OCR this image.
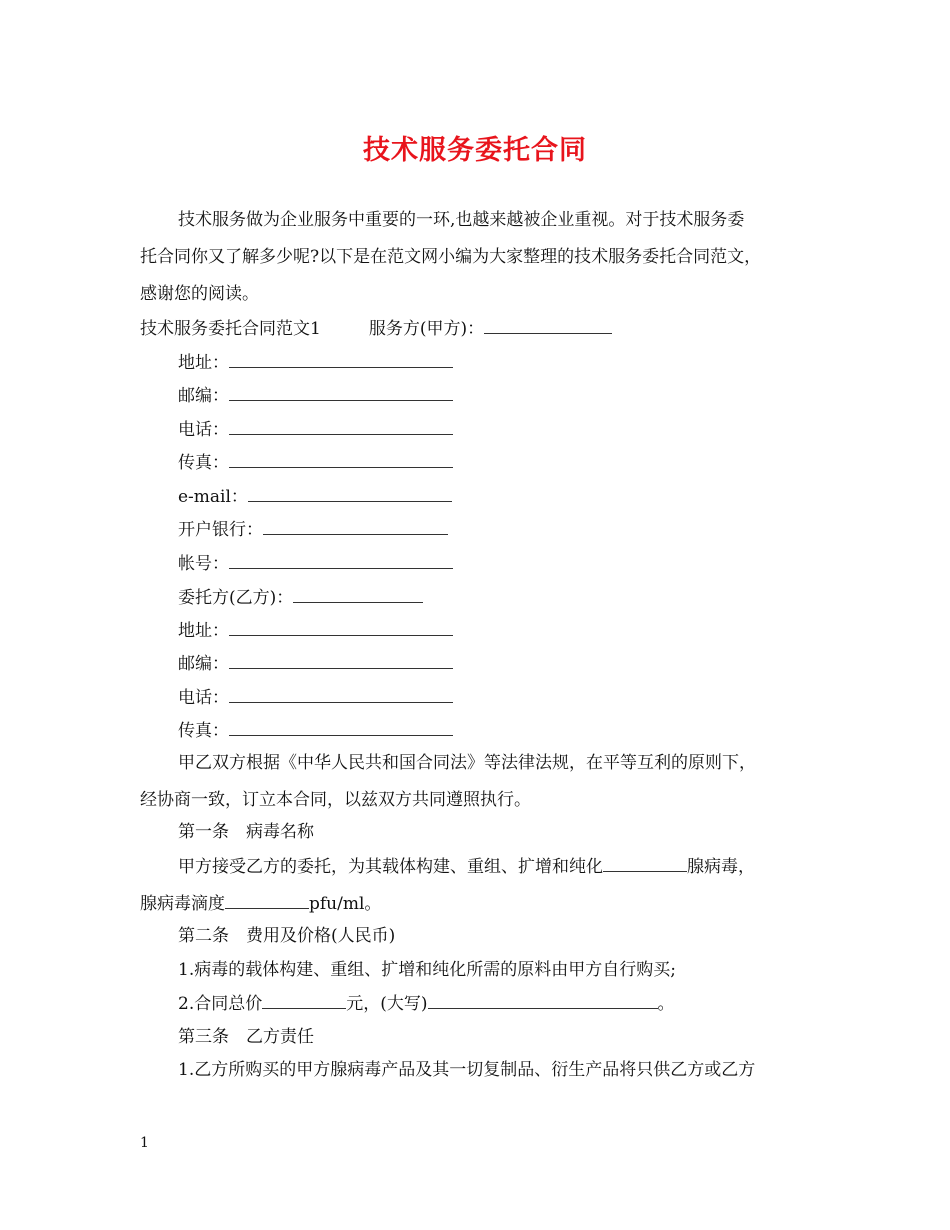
技术服务委托合同
技术服务做为企业服务中重要的一环,也越来越被企业重视。对于技术服务委
托合同你又了解多少呢?以下是在范文网小编为大家整理的技术服务委托合同范文，
感谢您的阅读。
技术服务委托合同范文1	服务方(甲方)：
地址：
邮编：
电话：
传真：
e-mail：
开户银行：
帐号：
委托方(乙方)：
地址：
邮编：
电话：
传真：
甲乙双方根据《中华人民共和国合同法》等法律法规，在平等互利的原则下，
经协商一致，订立本合同，以兹双方共同遵照执行。
第一条　病毒名称
甲方接受乙方的委托，为其载体构建、重组、扩增和纯化	腺病毒，
腺病毒滴度	pfu/ml。
第二条　费用及价格(人民币)
1.病毒的载体构建、重组、扩增和纯化所需的原料由甲方自行购买;
2.合同总价	元，(大写)	。
第三条　乙方责任
1.乙方所购买的甲方腺病毒产品及其一切复制品、衍生产品将只供乙方或乙方
1
